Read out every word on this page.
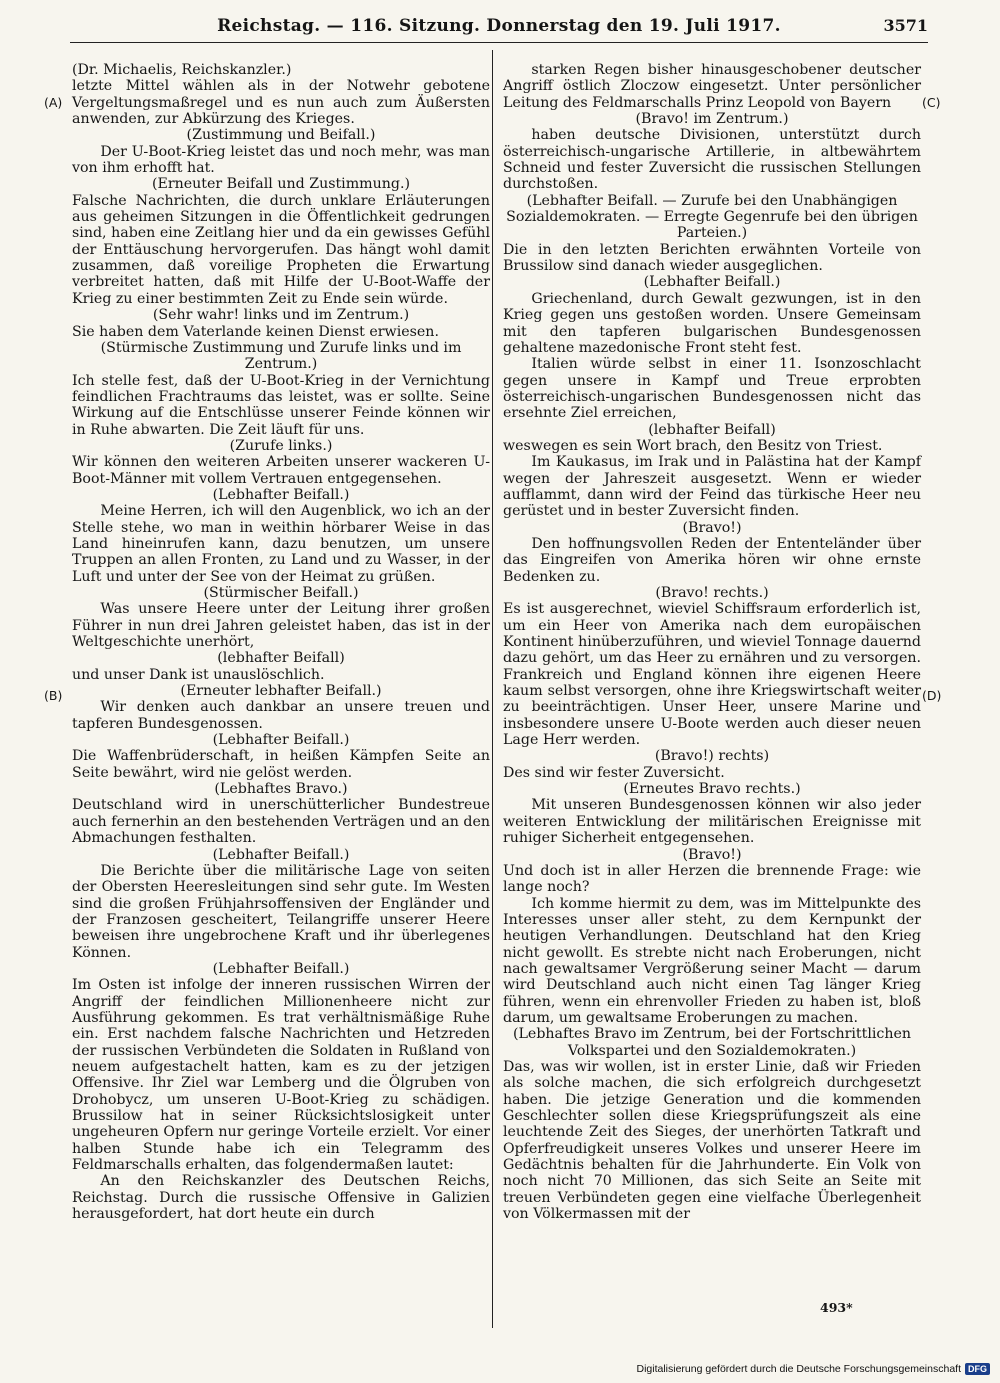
Reichstag. — 116. Sitzung. Donnerstag den 19. Juli 1917.	3571
(A)
(B)
(C)
(D)

(Dr. Michaelis, Reichskanzler.)

letzte Mittel wählen als in der Notwehr gebotene Vergeltungsmaßregel und es nun auch zum Äußersten anwenden, zur Abkürzung des Krieges.

(Zustimmung und Beifall.)

Der U-Boot-Krieg leistet das und noch mehr, was man von ihm erhofft hat.

(Erneuter Beifall und Zustimmung.)

Falsche Nachrichten, die durch unklare Erläuterungen aus geheimen Sitzungen in die Öffentlichkeit gedrungen sind, haben eine Zeitlang hier und da ein gewisses Gefühl der Enttäuschung hervorgerufen. Das hängt wohl damit zusammen, daß voreilige Propheten die Erwartung verbreitet hatten, daß mit Hilfe der U-Boot-Waffe der Krieg zu einer bestimmten Zeit zu Ende sein würde.

(Sehr wahr! links und im Zentrum.)

Sie haben dem Vaterlande keinen Dienst erwiesen.

(Stürmische Zustimmung und Zurufe links und im Zentrum.)

Ich stelle fest, daß der U-Boot-Krieg in der Vernichtung feindlichen Frachtraums das leistet, was er sollte. Seine Wirkung auf die Entschlüsse unserer Feinde können wir in Ruhe abwarten. Die Zeit läuft für uns.

(Zurufe links.)

Wir können den weiteren Arbeiten unserer wackeren U-Boot-Männer mit vollem Vertrauen entgegensehen.

(Lebhafter Beifall.)

Meine Herren, ich will den Augenblick, wo ich an der Stelle stehe, wo man in weithin hörbarer Weise in das Land hineinrufen kann, dazu benutzen, um unsere Truppen an allen Fronten, zu Land und zu Wasser, in der Luft und unter der See von der Heimat zu grüßen.

(Stürmischer Beifall.)

Was unsere Heere unter der Leitung ihrer großen Führer in nun drei Jahren geleistet haben, das ist in der Weltgeschichte unerhört,

(lebhafter Beifall)

und unser Dank ist unauslöschlich.

(Erneuter lebhafter Beifall.)

Wir denken auch dankbar an unsere treuen und tapferen Bundesgenossen.

(Lebhafter Beifall.)

Die Waffenbrüderschaft, in heißen Kämpfen Seite an Seite bewährt, wird nie gelöst werden.

(Lebhaftes Bravo.)

Deutschland wird in unerschütterlicher Bundestreue auch fernerhin an den bestehenden Verträgen und an den Abmachungen festhalten.

(Lebhafter Beifall.)

Die Berichte über die militärische Lage von seiten der Obersten Heeresleitungen sind sehr gute. Im Westen sind die großen Frühjahrsoffensiven der Engländer und der Franzosen gescheitert, Teilangriffe unserer Heere beweisen ihre ungebrochene Kraft und ihr überlegenes Können.

(Lebhafter Beifall.)

Im Osten ist infolge der inneren russischen Wirren der Angriff der feindlichen Millionenheere nicht zur Ausführung gekommen. Es trat verhältnismäßige Ruhe ein. Erst nachdem falsche Nachrichten und Hetzreden der russischen Verbündeten die Soldaten in Rußland von neuem aufgestachelt hatten, kam es zu der jetzigen Offensive. Ihr Ziel war Lemberg und die Ölgruben von Drohobycz, um unseren U-Boot-Krieg zu schädigen. Brussilow hat in seiner Rücksichtslosigkeit unter ungeheuren Opfern nur geringe Vorteile erzielt. Vor einer halben Stunde habe ich ein Telegramm des Feldmarschalls erhalten, das folgendermaßen lautet:

An den Reichskanzler des Deutschen Reichs, Reichstag. Durch die russische Offensive in Galizien herausgefordert, hat dort heute ein durch

starken Regen bisher hinausgeschobener deutscher Angriff östlich Zloczow eingesetzt. Unter persönlicher Leitung des Feldmarschalls Prinz Leopold von Bayern

(Bravo! im Zentrum.)

haben deutsche Divisionen, unterstützt durch österreichisch-ungarische Artillerie, in altbewährtem Schneid und fester Zuversicht die russischen Stellungen durchstoßen.

(Lebhafter Beifall. — Zurufe bei den Unabhängigen Sozialdemokraten. — Erregte Gegenrufe bei den übrigen Parteien.)

Die in den letzten Berichten erwähnten Vorteile von Brussilow sind danach wieder ausgeglichen.

(Lebhafter Beifall.)

Griechenland, durch Gewalt gezwungen, ist in den Krieg gegen uns gestoßen worden. Unsere Gemeinsam mit den tapferen bulgarischen Bundesgenossen gehaltene mazedonische Front steht fest.

Italien würde selbst in einer 11. Isonzoschlacht gegen unsere in Kampf und Treue erprobten österreichisch-ungarischen Bundesgenossen nicht das ersehnte Ziel erreichen,

(lebhafter Beifall)

weswegen es sein Wort brach, den Besitz von Triest.

Im Kaukasus, im Irak und in Palästina hat der Kampf wegen der Jahreszeit ausgesetzt. Wenn er wieder aufflammt, dann wird der Feind das türkische Heer neu gerüstet und in bester Zuversicht finden.

(Bravo!)

Den hoffnungsvollen Reden der Ententeländer über das Eingreifen von Amerika hören wir ohne ernste Bedenken zu.

(Bravo! rechts.)

Es ist ausgerechnet, wieviel Schiffsraum erforderlich ist, um ein Heer von Amerika nach dem europäischen Kontinent hinüberzuführen, und wieviel Tonnage dauernd dazu gehört, um das Heer zu ernähren und zu versorgen. Frankreich und England können ihre eigenen Heere kaum selbst versorgen, ohne ihre Kriegswirtschaft weiter zu beeinträchtigen. Unser Heer, unsere Marine und insbesondere unsere U-Boote werden auch dieser neuen Lage Herr werden.

(Bravo!) rechts)

Des sind wir fester Zuversicht.

(Erneutes Bravo rechts.)

Mit unseren Bundesgenossen können wir also jeder weiteren Entwicklung der militärischen Ereignisse mit ruhiger Sicherheit entgegensehen.

(Bravo!)

Und doch ist in aller Herzen die brennende Frage: wie lange noch?

Ich komme hiermit zu dem, was im Mittelpunkte des Interesses unser aller steht, zu dem Kernpunkt der heutigen Verhandlungen. Deutschland hat den Krieg nicht gewollt. Es strebte nicht nach Eroberungen, nicht nach gewaltsamer Vergrößerung seiner Macht — darum wird Deutschland auch nicht einen Tag länger Krieg führen, wenn ein ehrenvoller Frieden zu haben ist, bloß darum, um gewaltsame Eroberungen zu machen.

(Lebhaftes Bravo im Zentrum, bei der Fortschrittlichen Volkspartei und den Sozialdemokraten.)

Das, was wir wollen, ist in erster Linie, daß wir Frieden als solche machen, die sich erfolgreich durchgesetzt haben. Die jetzige Generation und die kommenden Geschlechter sollen diese Kriegsprüfungszeit als eine leuchtende Zeit des Sieges, der unerhörten Tatkraft und Opferfreudigkeit unseres Volkes und unserer Heere im Gedächtnis behalten für die Jahrhunderte. Ein Volk von noch nicht 70 Millionen, das sich Seite an Seite mit treuen Verbündeten gegen eine vielfache Überlegenheit von Völkermassen mit der

493*
Digitalisierung gefördert durch die Deutsche Forschungsgemeinschaft DFG
